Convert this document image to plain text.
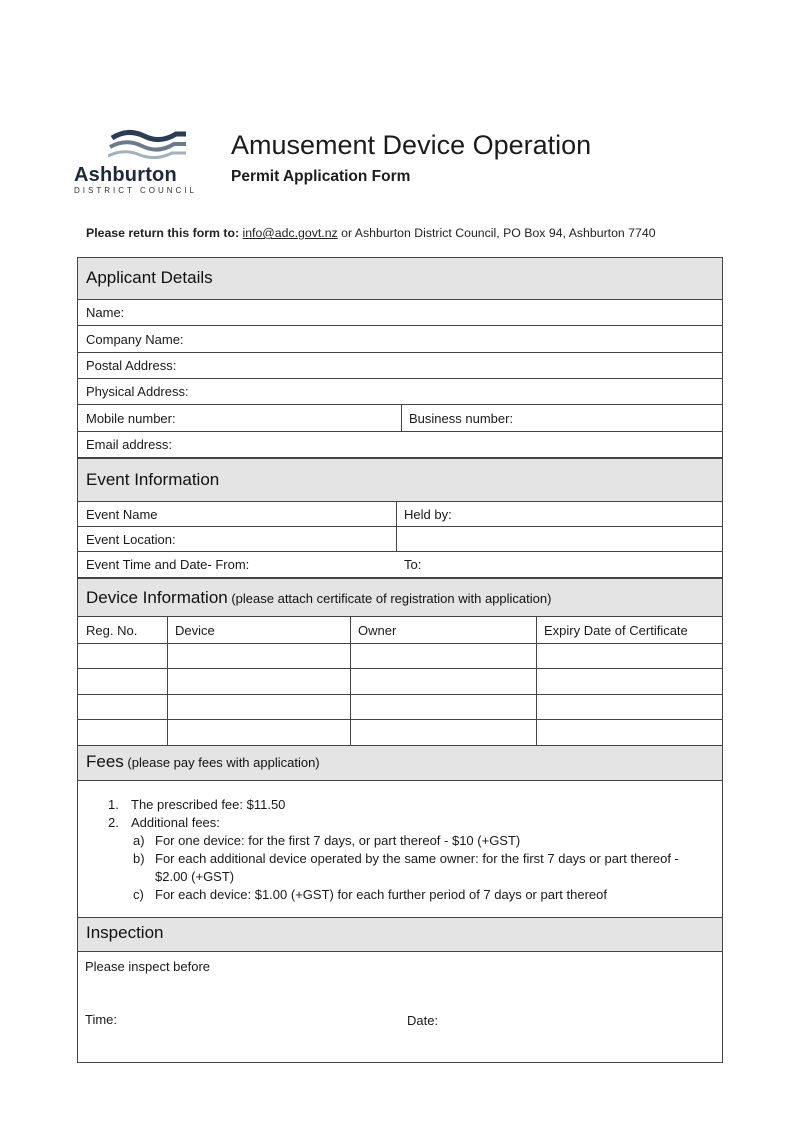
Ashburton
DISTRICT COUNCIL
Amusement Device Operation
Permit Application Form
Please return this form to: info@adc.govt.nz or Ashburton District Council, PO Box 94, Ashburton 7740
Applicant Details
Name:
Company Name:
Postal Address:
Physical Address:
Mobile number:	Business number:
Email address:
Event Information
Event Name	Held by:
Event Location:
Event Time and Date- From:	To:
Device Information (please attach certificate of registration with application)
Reg. No.	Device	Owner	Expiry Date of Certificate
Fees (please pay fees with application)
1. The prescribed fee: $11.50
2. Additional fees:
a) For one device: for the first 7 days, or part thereof - $10 (+GST)
b) For each additional device operated by the same owner: for the first 7 days or part thereof -
$2.00 (+GST)
c) For each device: $1.00 (+GST) for each further period of 7 days or part thereof
Inspection
Please inspect before
Time:	Date:
